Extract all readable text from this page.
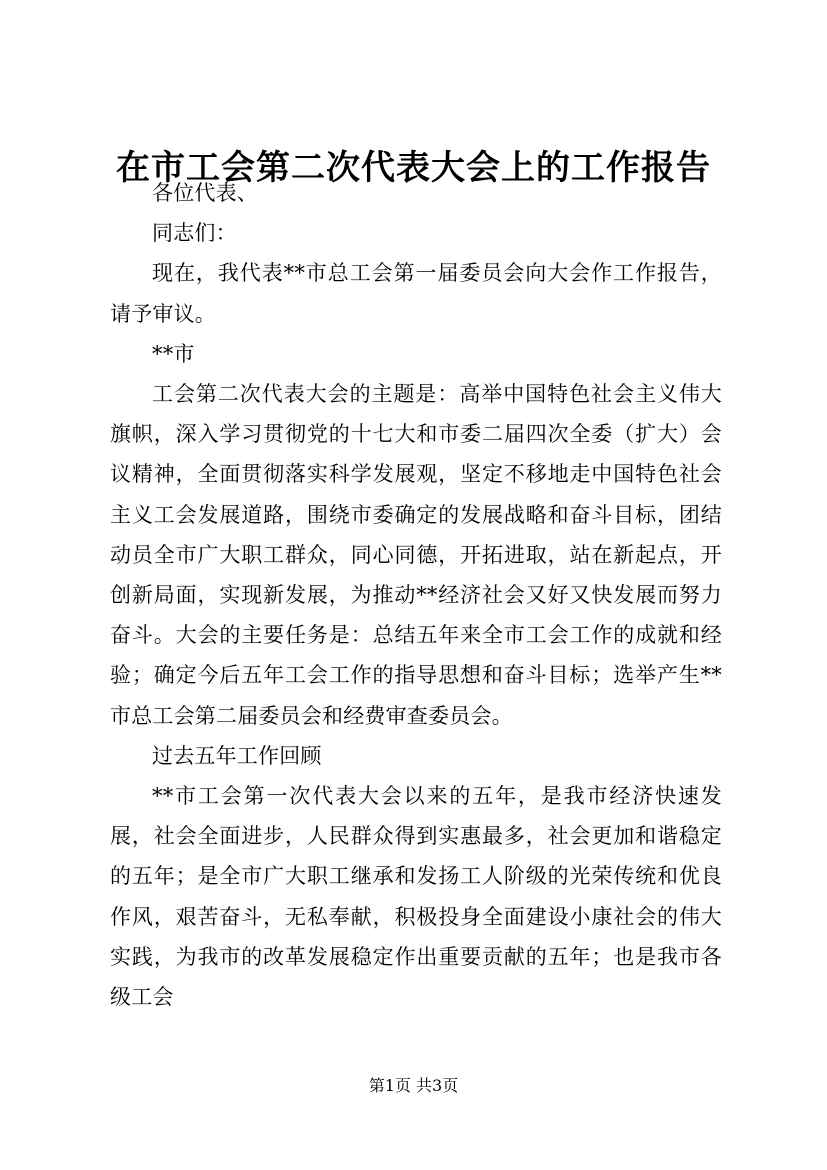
在市工会第二次代表大会上的工作报告

各位代表、

同志们：

现在，我代表**市总工会第一届委员会向大会作工作报告，请予审议。

**市

工会第二次代表大会的主题是：高举中国特色社会主义伟大旗帜，深入学习贯彻党的十七大和市委二届四次全委（扩大）会议精神，全面贯彻落实科学发展观，坚定不移地走中国特色社会主义工会发展道路，围绕市委确定的发展战略和奋斗目标，团结动员全市广大职工群众，同心同德，开拓进取，站在新起点，开创新局面，实现新发展，为推动**经济社会又好又快发展而努力奋斗。大会的主要任务是：总结五年来全市工会工作的成就和经验；确定今后五年工会工作的指导思想和奋斗目标；选举产生**市总工会第二届委员会和经费审查委员会。

过去五年工作回顾

**市工会第一次代表大会以来的五年，是我市经济快速发展，社会全面进步，人民群众得到实惠最多，社会更加和谐稳定的五年；是全市广大职工继承和发扬工人阶级的光荣传统和优良作风，艰苦奋斗，无私奉献，积极投身全面建设小康社会的伟大实践，为我市的改革发展稳定作出重要贡献的五年；也是我市各级工会

第1页 共3页
